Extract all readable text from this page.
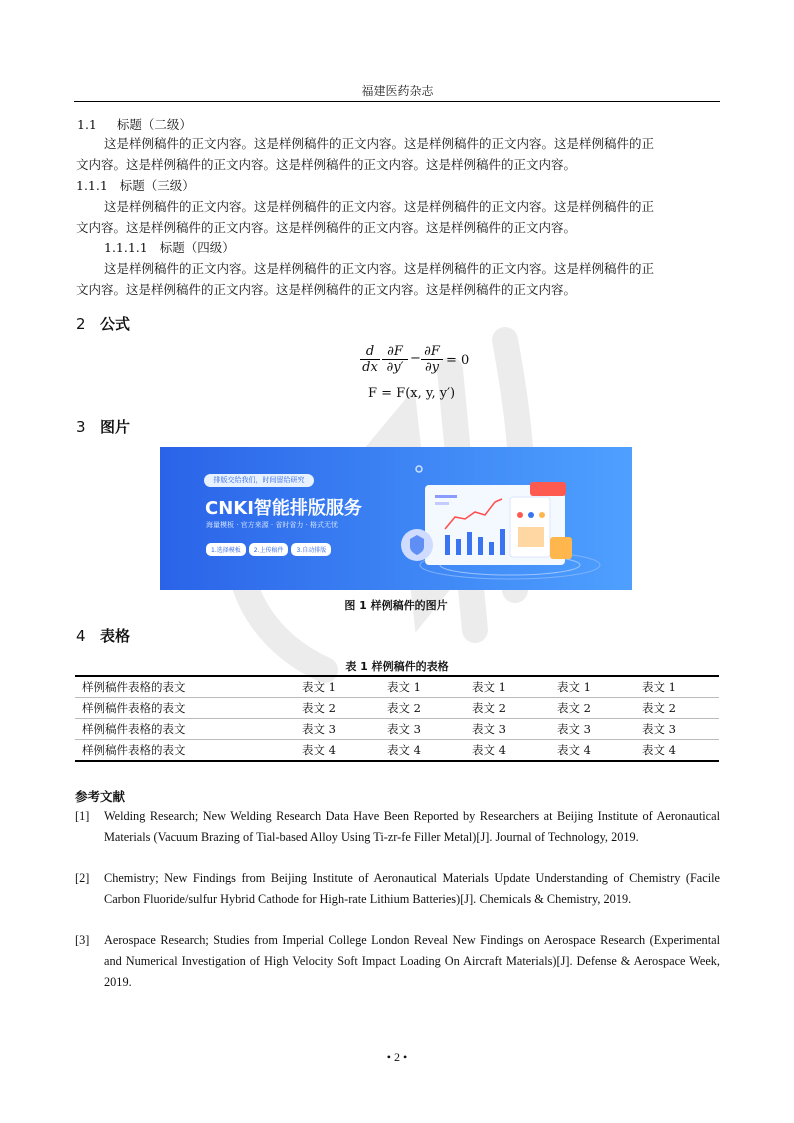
福建医药杂志
1.1 标题（二级）
这是样例稿件的正文内容。这是样例稿件的正文内容。这是样例稿件的正文内容。这是样例稿件的正
文内容。这是样例稿件的正文内容。这是样例稿件的正文内容。这是样例稿件的正文内容。
1.1.1 标题（三级）
这是样例稿件的正文内容。这是样例稿件的正文内容。这是样例稿件的正文内容。这是样例稿件的正
文内容。这是样例稿件的正文内容。这是样例稿件的正文内容。这是样例稿件的正文内容。
1.1.1.1 标题（四级）
这是样例稿件的正文内容。这是样例稿件的正文内容。这是样例稿件的正文内容。这是样例稿件的正
文内容。这是样例稿件的正文内容。这是样例稿件的正文内容。这是样例稿件的正文内容。
2 公式
d
dx
∂F
∂y′
− ∂F
∂y = 0
F = F(x, y, y′)
3 图片
排版交给我们，时间留给研究
CNKI智能排版服务
海量模板 · 官方来源 · 省时省力 · 格式无忧
1.选择模板	2.上传稿件	3.自动排版
图 1 样例稿件的图片
4 表格
表 1 样例稿件的表格
样例稿件表格的表文	表文 1	表文 1	表文 1	表文 1	表文 1
样例稿件表格的表文	表文 2	表文 2	表文 2	表文 2	表文 2
样例稿件表格的表文	表文 3	表文 3	表文 3	表文 3	表文 3
样例稿件表格的表文	表文 4	表文 4	表文 4	表文 4	表文 4
参考文献
[1] Welding Research; New Welding Research Data Have Been Reported by Researchers at Beijing Institute of Aeronautical Materials (Vacuum Brazing of Tial-based Alloy Using Ti-zr-fe Filler Metal)[J]. Journal of Technology, 2019.
[2] Chemistry; New Findings from Beijing Institute of Aeronautical Materials Update Understanding of Chemistry (Facile Carbon Fluoride/sulfur Hybrid Cathode for High-rate Lithium Batteries)[J]. Chemicals & Chemistry, 2019.
[3] Aerospace Research; Studies from Imperial College London Reveal New Findings on Aerospace Research (Experimental and Numerical Investigation of High Velocity Soft Impact Loading On Aircraft Materials)[J]. Defense & Aerospace Week, 2019.
• 2 •
